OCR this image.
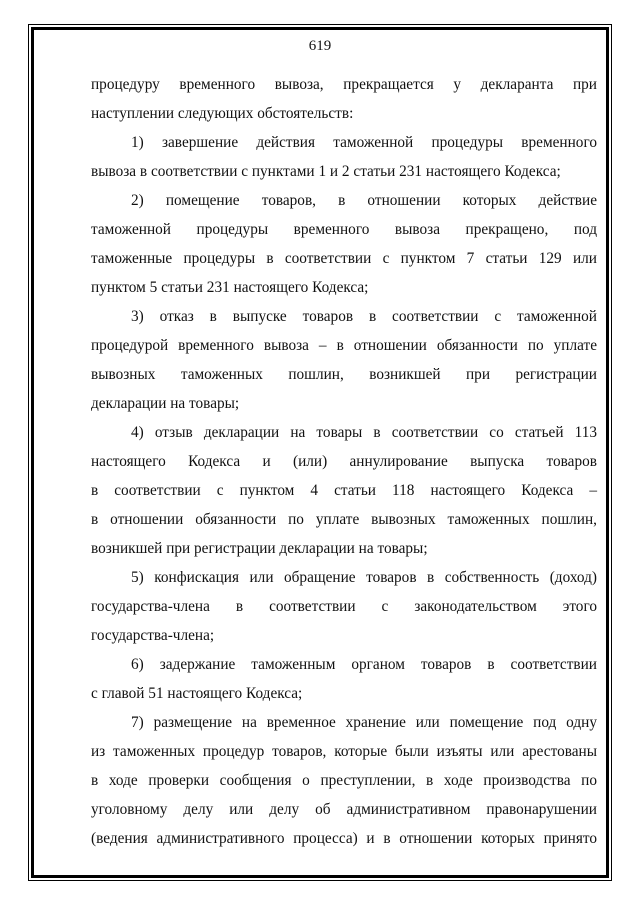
619

процедуру временного вывоза, прекращается у декларанта при
наступлении следующих обстоятельств:

1) завершение действия таможенной процедуры временного
вывоза в соответствии с пунктами 1 и 2 статьи 231 настоящего Кодекса;

2) помещение товаров, в отношении которых действие
таможенной процедуры временного вывоза прекращено, под
таможенные процедуры в соответствии с пунктом 7 статьи 129 или
пунктом 5 статьи 231 настоящего Кодекса;

3) отказ в выпуске товаров в соответствии с таможенной
процедурой временного вывоза – в отношении обязанности по уплате
вывозных таможенных пошлин, возникшей при регистрации
декларации на товары;

4) отзыв декларации на товары в соответствии со статьей 113
настоящего Кодекса и (или) аннулирование выпуска товаров
в соответствии с пунктом 4 статьи 118 настоящего Кодекса –
в отношении обязанности по уплате вывозных таможенных пошлин,
возникшей при регистрации декларации на товары;

5) конфискация или обращение товаров в собственность (доход)
государства-члена в соответствии с законодательством этого
государства-члена;

6) задержание таможенным органом товаров в соответствии
с главой 51 настоящего Кодекса;

7) размещение на временное хранение или помещение под одну
из таможенных процедур товаров, которые были изъяты или арестованы
в ходе проверки сообщения о преступлении, в ходе производства по
уголовному делу или делу об административном правонарушении
(ведения административного процесса) и в отношении которых принято
